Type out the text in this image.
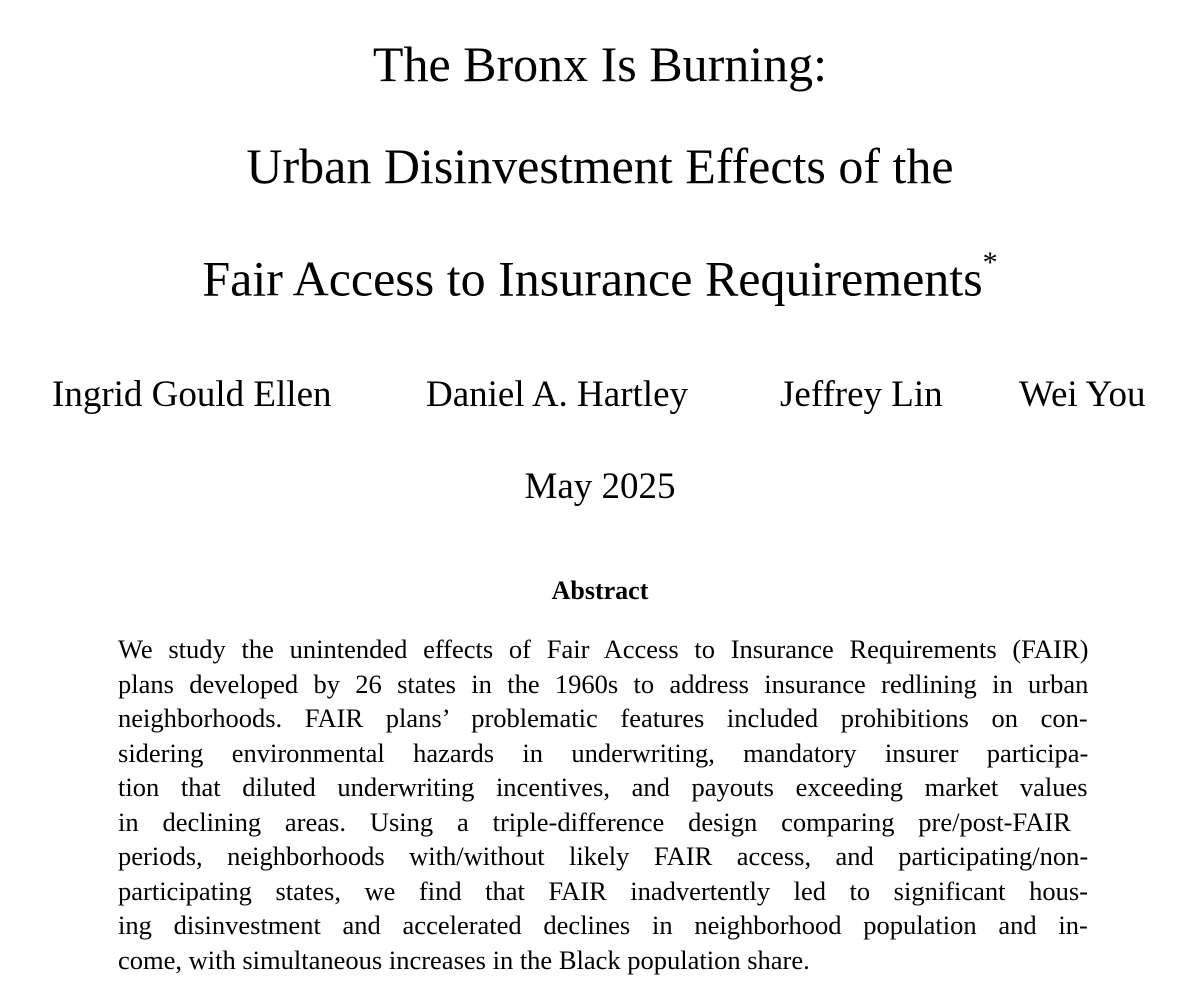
The Bronx Is Burning:
Urban Disinvestment Effects of the
Fair Access to Insurance Requirements*
Ingrid Gould Ellen	Daniel A. Hartley Jeffrey Lin Wei You
May 2025
Abstract
We study the unintended effects of Fair Access to Insurance Requirements (FAIR)
plans developed by 26 states in the 1960s to address insurance redlining in urban
neighborhoods. FAIR plans’ problematic features included prohibitions on con-
sidering environmental hazards in underwriting, mandatory insurer participa-
tion that diluted underwriting incentives, and payouts exceeding market values
in declining areas. Using a triple-difference design comparing pre/post-FAIR
periods, neighborhoods with/without likely FAIR access, and participating/non-
participating states, we find that FAIR inadvertently led to significant hous-
ing disinvestment and accelerated declines in neighborhood population and in-
come, with simultaneous increases in the Black population share.
